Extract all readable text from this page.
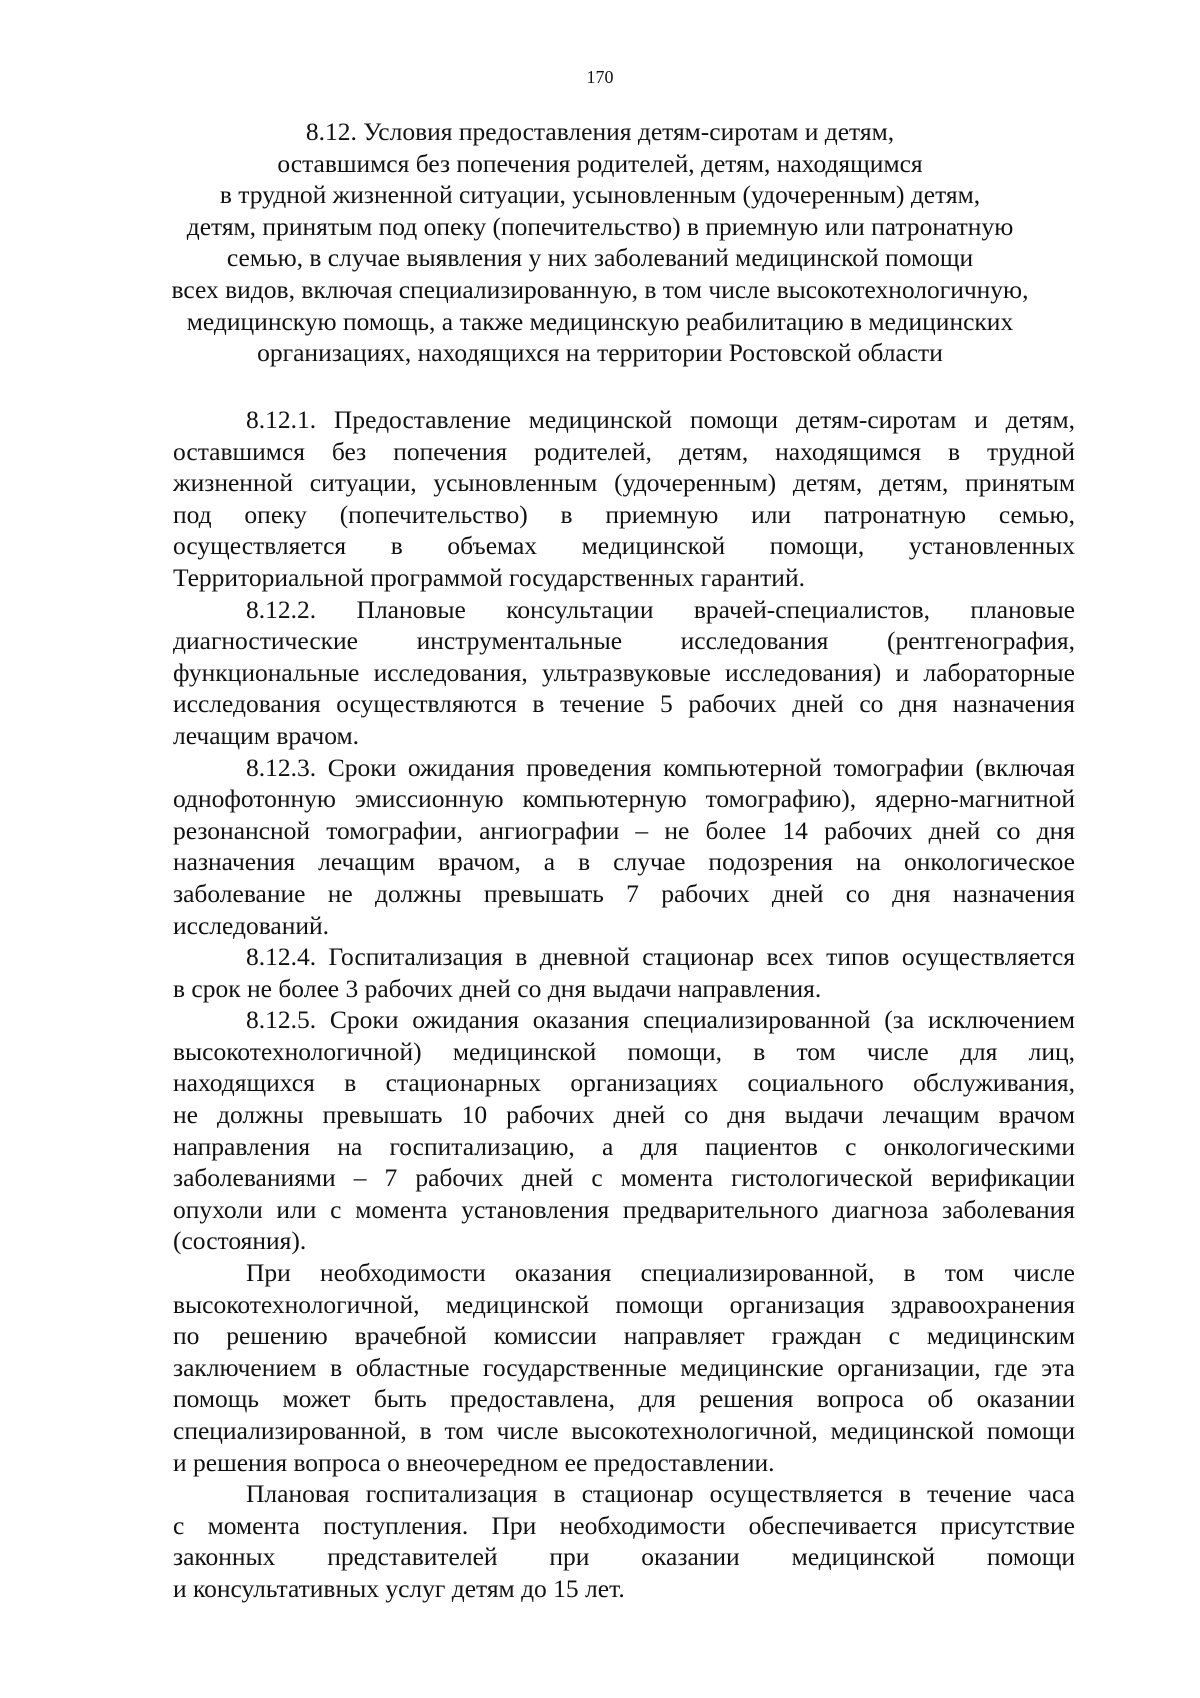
170
8.12. Условия предоставления детям-сиротам и детям,
оставшимся без попечения родителей, детям, находящимся
в трудной жизненной ситуации, усыновленным (удочеренным) детям,
детям, принятым под опеку (попечительство) в приемную или патронатную
семью, в случае выявления у них заболеваний медицинской помощи
всех видов, включая специализированную, в том числе высокотехнологичную,
медицинскую помощь, а также медицинскую реабилитацию в медицинских
организациях, находящихся на территории Ростовской области
8.12.1. Предоставление медицинской помощи детям-сиротам и детям,
оставшимся без попечения родителей, детям, находящимся в трудной
жизненной ситуации, усыновленным (удочеренным) детям, детям, принятым
под опеку (попечительство) в приемную или патронатную семью,
осуществляется в объемах медицинской помощи, установленных
Территориальной программой государственных гарантий.
8.12.2. Плановые консультации врачей-специалистов, плановые
диагностические инструментальные исследования (рентгенография,
функциональные исследования, ультразвуковые исследования) и лабораторные
исследования осуществляются в течение 5 рабочих дней со дня назначения
лечащим врачом.
8.12.3. Сроки ожидания проведения компьютерной томографии (включая
однофотонную эмиссионную компьютерную томографию), ядерно-магнитной
резонансной томографии, ангиографии – не более 14 рабочих дней со дня
назначения лечащим врачом, а в случае подозрения на онкологическое
заболевание не должны превышать 7 рабочих дней со дня назначения
исследований.
8.12.4. Госпитализация в дневной стационар всех типов осуществляется
в срок не более 3 рабочих дней со дня выдачи направления.
8.12.5. Сроки ожидания оказания специализированной (за исключением
высокотехнологичной) медицинской помощи, в том числе для лиц,
находящихся в стационарных организациях социального обслуживания,
не должны превышать 10 рабочих дней со дня выдачи лечащим врачом
направления на госпитализацию, а для пациентов с онкологическими
заболеваниями – 7 рабочих дней с момента гистологической верификации
опухоли или с момента установления предварительного диагноза заболевания
(состояния).
При необходимости оказания специализированной, в том числе
высокотехнологичной, медицинской помощи организация здравоохранения
по решению врачебной комиссии направляет граждан с медицинским
заключением в областные государственные медицинские организации, где эта
помощь может быть предоставлена, для решения вопроса об оказании
специализированной, в том числе высокотехнологичной, медицинской помощи
и решения вопроса о внеочередном ее предоставлении.
Плановая госпитализация в стационар осуществляется в течение часа
с момента поступления. При необходимости обеспечивается присутствие
законных представителей при оказании медицинской помощи
и консультативных услуг детям до 15 лет.
